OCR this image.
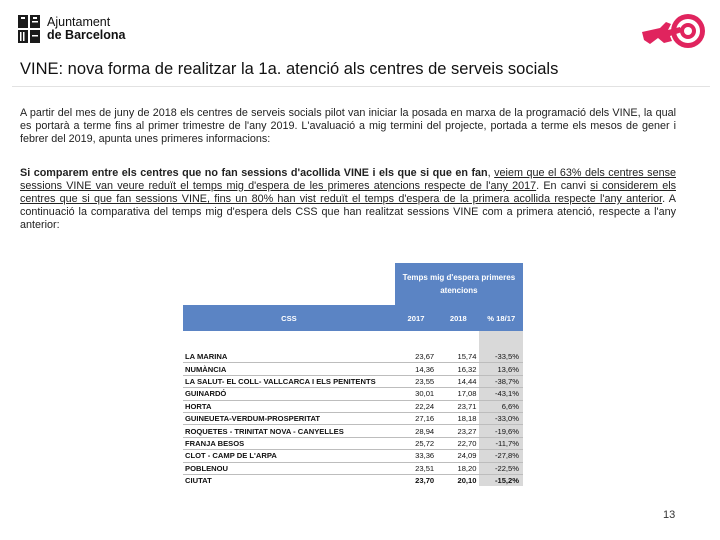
Ajuntament
de Barcelona
VINE: nova forma de realitzar la 1a. atenció als centres de serveis socials
A partir del mes de juny de 2018 els centres de serveis socials pilot van iniciar la posada en marxa de la programació dels VINE, la qual es portarà a terme fins al primer trimestre de l'any 2019. L'avaluació a mig termini del projecte, portada a terme els mesos de gener i febrer del 2019, apunta unes primeres informacions:
Si comparem entre els centres que no fan sessions d'acollida VINE i els que si que en fan, veiem que el 63% dels centres sense sessions VINE van veure reduït el temps mig d'espera de les primeres atencions respecte de l'any 2017. En canvi si considerem els centres que si que fan sessions VINE, fins un 80% han vist reduït el temps d'espera de la primera acollida respecte l'any anterior. A continuació la comparativa del temps mig d'espera dels CSS que han realitzat sessions VINE com a primera atenció, respecte a l'any anterior:
	Temps mig d'espera primeres atencions		
CSS	2017	2018	% 18/17

LA MARINA	23,67	15,74	-33,5%
NUMÀNCIA	14,36	16,32	13,6%
LA SALUT- EL COLL- VALLCARCA I ELS PENITENTS	23,55	14,44	-38,7%
GUINARDÓ	30,01	17,08	-43,1%
HORTA	22,24	23,71	6,6%
GUINEUETA-VERDUM-PROSPERITAT	27,16	18,18	-33,0%
ROQUETES - TRINITAT NOVA - CANYELLES	28,94	23,27	-19,6%
FRANJA BESOS	25,72	22,70	-11,7%
CLOT - CAMP DE L'ARPA	33,36	24,09	-27,8%
POBLENOU	23,51	18,20	-22,5%
CIUTAT	23,70	20,10	-15,2%
13
